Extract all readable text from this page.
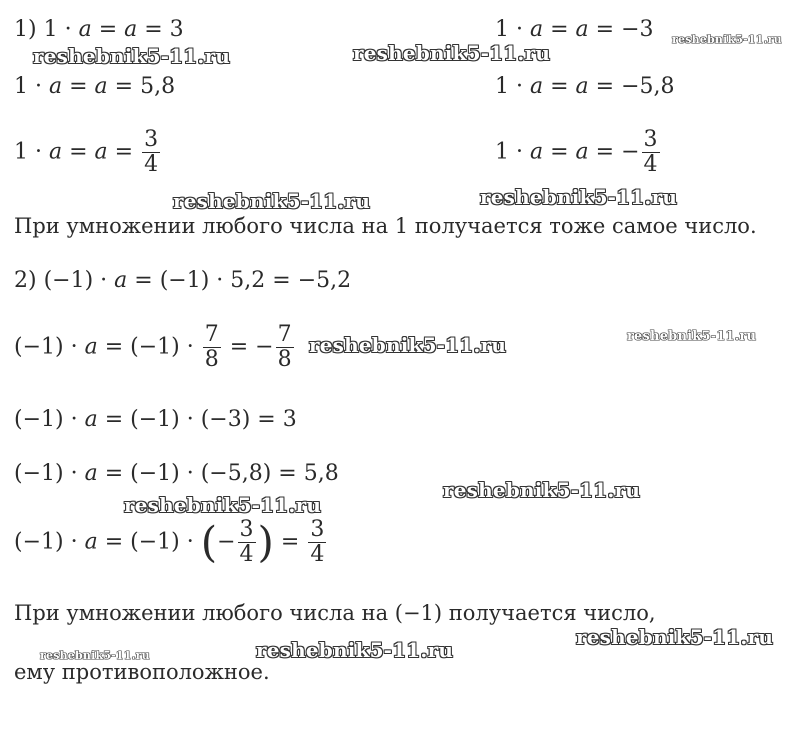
1) 1 · a = a = 3	1 · a = a = −3
1 · a = a = 5,8	1 · a = a = −5,8
$1 \cdot a = a = \frac{3}{4}$	1 · a = a = − $\frac{3}{4}$
При умножении любого числа на 1 получается тоже самое число.
2) (−1) · a = (−1) · 5,2 = −5,2
$(-1) \cdot a = (-1) \cdot \frac{7}{8}$ = − $\frac{7}{8}$
(−1) · a = (−1) · (−3) = 3
(−1) · a = (−1) · (−5,8) = 5,8
(−1) · a = (−1) · (− $\frac{3}{4}$ ) = $\frac{3}{4}$
При умножении любого числа на (−1) получается число,
ему противоположное.
reshebnik5-11.ru	reshebnik5-11.ru
reshebnik5-11.ru
reshebnik5-11.ru	reshebnik5-11.ru
reshebnik5-11.ru	reshebnik5-11.ru
reshebnik5-11.ru
reshebnik5-11.ru
reshebnik5-11.ru
reshebnik5-11.ru
reshebnik5-11.ru
